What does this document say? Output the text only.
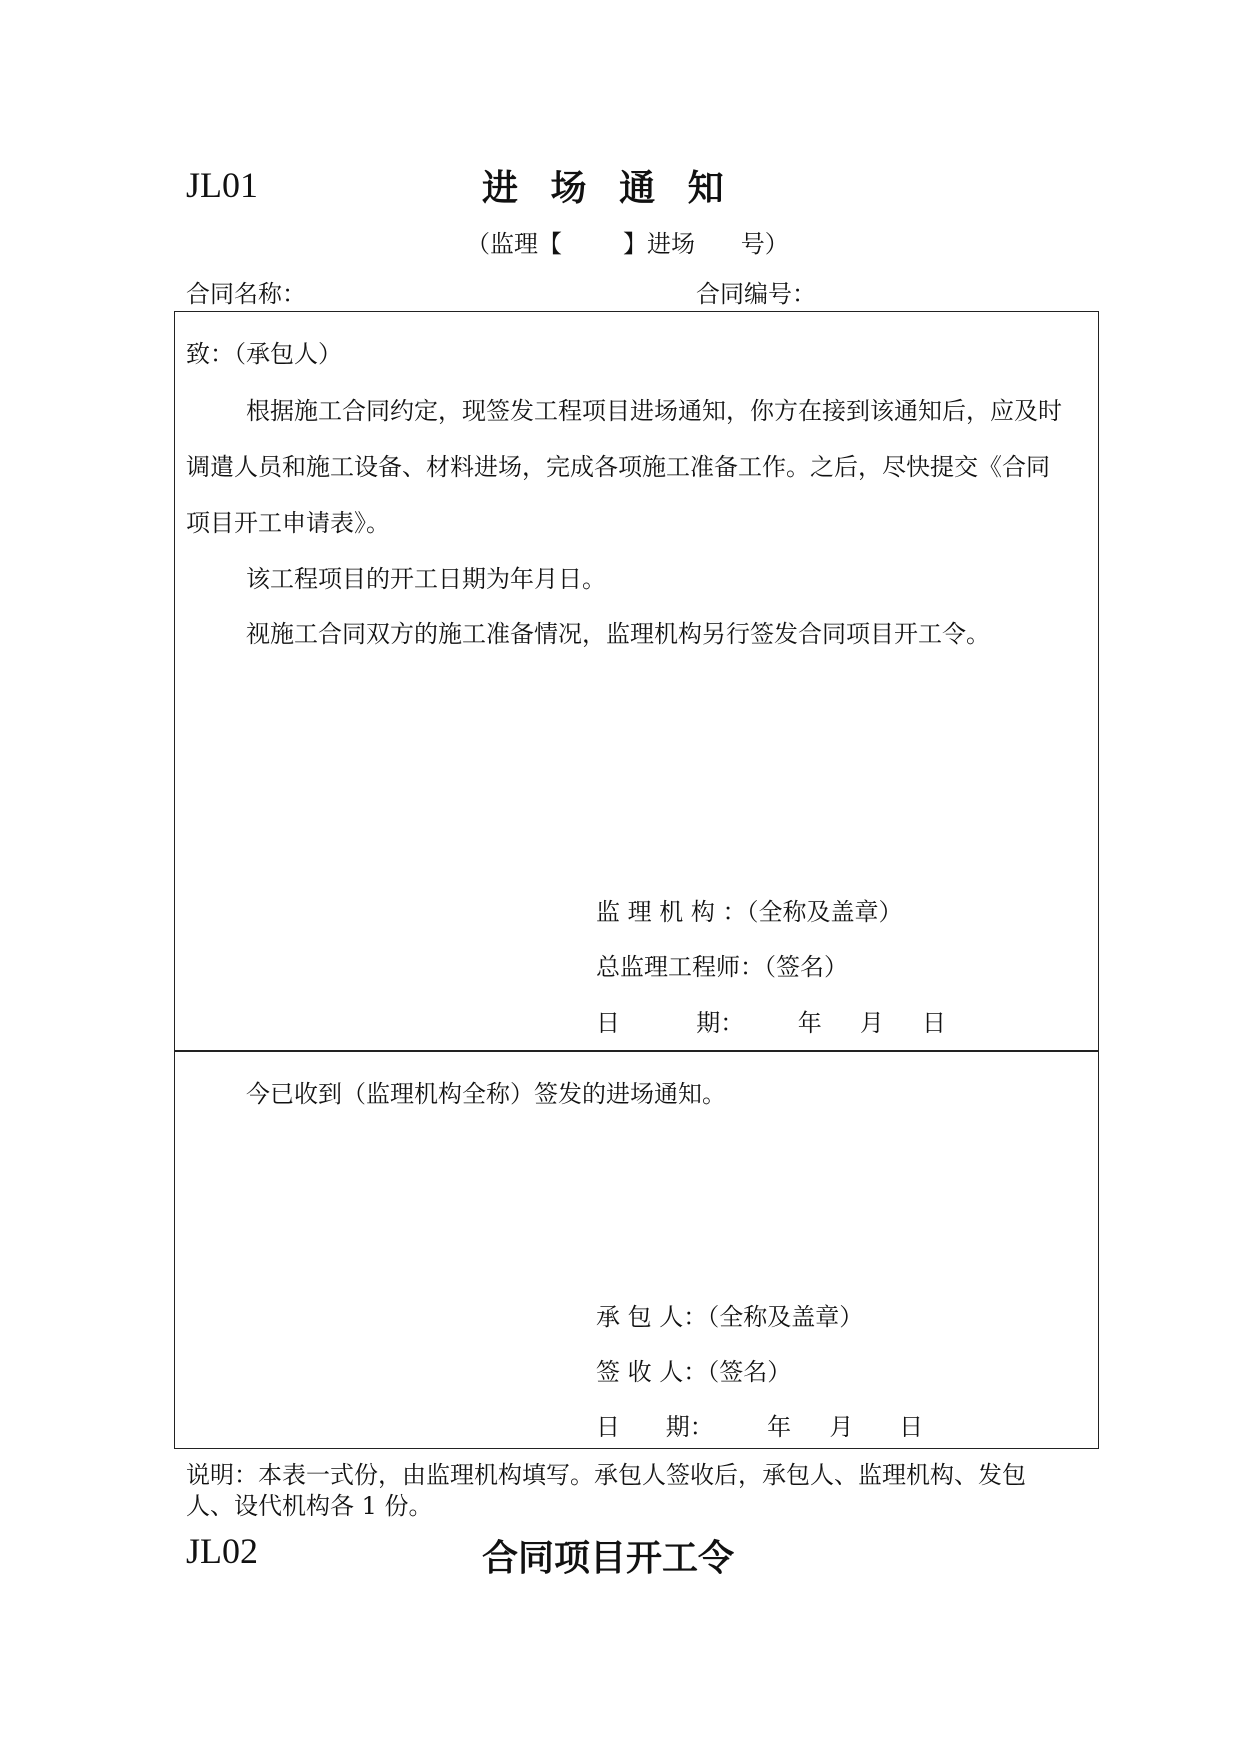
JL01	进 场 通 知
（监理【        】进场      号）
合同名称：	合同编号：
致：（承包人）
根据施工合同约定，现签发工程项目进场通知，你方在接到该通知后，应及时
调遣人员和施工设备、材料进场，完成各项施工准备工作。之后，尽快提交《合同
项目开工申请表》。
该工程项目的开工日期为年月日。
视施工合同双方的施工准备情况，监理机构另行签发合同项目开工令。
监 理 机 构 ：（全称及盖章）
总监理工程师：（签名）
日          期：       年     月     日
今已收到（监理机构全称）签发的进场通知。
承 包 人：（全称及盖章）
签 收 人：（签名）
日      期：       年     月      日
说明：本表一式份，由监理机构填写。承包人签收后，承包人、监理机构、发包
人、设代机构各 1 份。
JL02	合同项目开工令
